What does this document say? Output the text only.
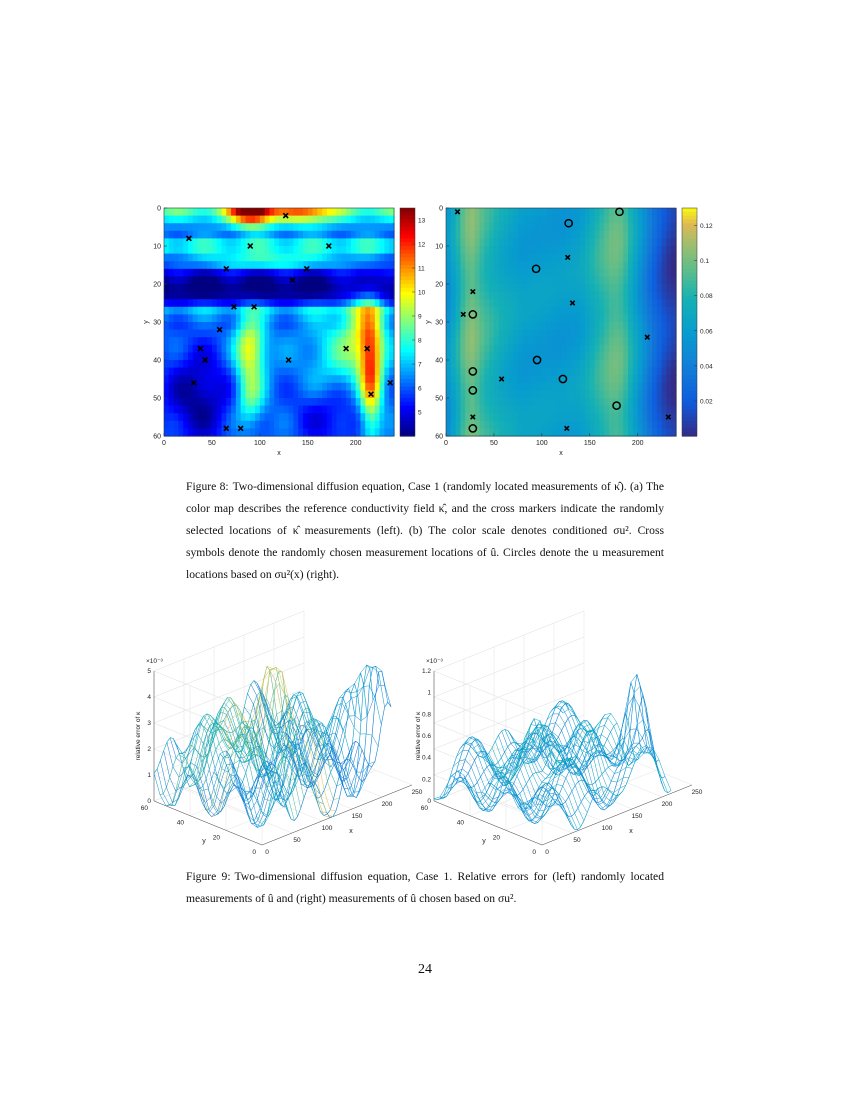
0	50	100	150	200
0
10
20
30
40
50
60
x
y
5
6
7
8
9
10
11
12
13
0	50	100	150	200
0
10
20
30
40
50
60
x
y
0.02
0.04
0.06
0.08
0.1
0.12
Figure 8: Two-dimensional diffusion equation, Case 1 (randomly located measurements of κ̂). (a) The color map describes the reference conductivity field κ̂, and the cross markers indicate the randomly selected locations of κ̂ measurements (left). (b) The color scale denotes conditioned σu². Cross symbols denote the randomly chosen measurement locations of û. Circles denote the u measurement locations based on σu²(x) (right).
0
50
100
150
200
250
0
20
40
60
0
1
2
3
4
5
×10⁻³
relative error of κ
x
y
0
50
100
150
200
250
0
20
40
60
0
0.2
0.4
0.6
0.8
1
1.2
×10⁻³
relative error of κ
x
y
Figure 9: Two-dimensional diffusion equation, Case 1. Relative errors for (left) randomly located measurements of û and (right) measurements of û chosen based on σu².
24
